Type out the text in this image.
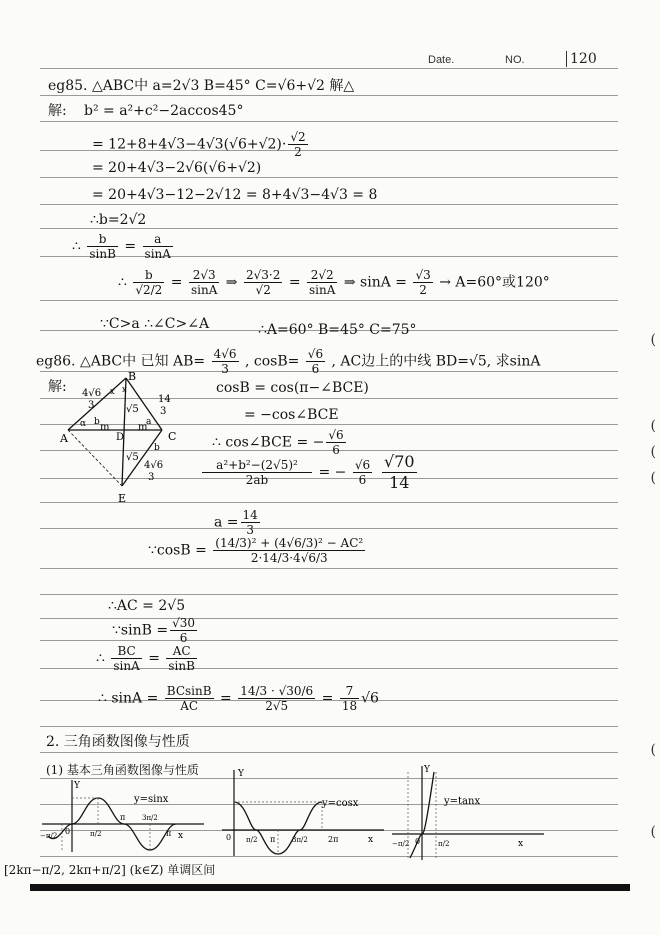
Date.	NO.	120
eg85. △ABC中 a=2√3 B=45° C=√6+√2 解△
解: b² = a²+c²−2accos45°
= $12+8+4√3-4√3(√6+√2)\cdot \frac{√2}{2}$
= 20+4√3−2√6(√6+√2)
= 20+4√3−12−2√12 = 8+4√3−4√3 = 8
∴b=2√2
∴ $\frac{b}{\sin B} = \frac{a}{\sin A}$
∴ $\frac{b}{√2/2} = \frac{2√3}{\sin A}$ ⇒ $\frac{2√3\cdot 2}{√2} = \frac{2√2}{\sin A}$ ⇒ $\sin A = \frac{√3}{2} \to A=60^\circ$或120°
∵C>a ∴∠C>∠A	∴A=60° B=45° C=75°
eg86. △ABC中 已知 $AB= \frac{4√6}{3}$ , $\cos B= \frac{√6}{6}$ , AC边上的中线 BD=√5, 求sinA
解: 4√6
3
B
√5
14
3
A	D
m
C
m
√5
4√6
3
E
b	a
b
α
x x	cosB = cos(π−∠BCE)
= −cos∠BCE
∴ cos∠BCE = − $\frac{√6}{6}$
$\frac{\text{a²+b²−(2√5)²}}{2ab}$ = − $\frac{√6}{6} \frac{√70}{14}$
$a = \frac{14}{3}$
∵cosB = $\frac{\text{(14/3)² + (4√6/3)² − AC²}}{2\cdot 14/3\cdot 4√6/3}$
∴AC = 2√5
∵sinB = $\frac{√30}{6}$
∴ $\frac{BC}{\sin A} = \frac{AC}{\sin B}$
∴ $\sin A = \frac{BCsinB}{AC} = \frac{14/3 \cdot √30/6}{2√5} = \frac{7}{18} √6$
2. 三角函数图像与性质
(1) 基本三角函数图像与性质
Y
y=sinx
−π/2 0	π/2
π 3π/2
π x
Y
y=cosx
0 π/2 π 3π/2	2π	x
Y
y=tanx
−π/2 0	π/2	x
[2kπ−π/2, 2kπ+π/2] (k∈Z) 单调区间
(
(
(
(
(
(
